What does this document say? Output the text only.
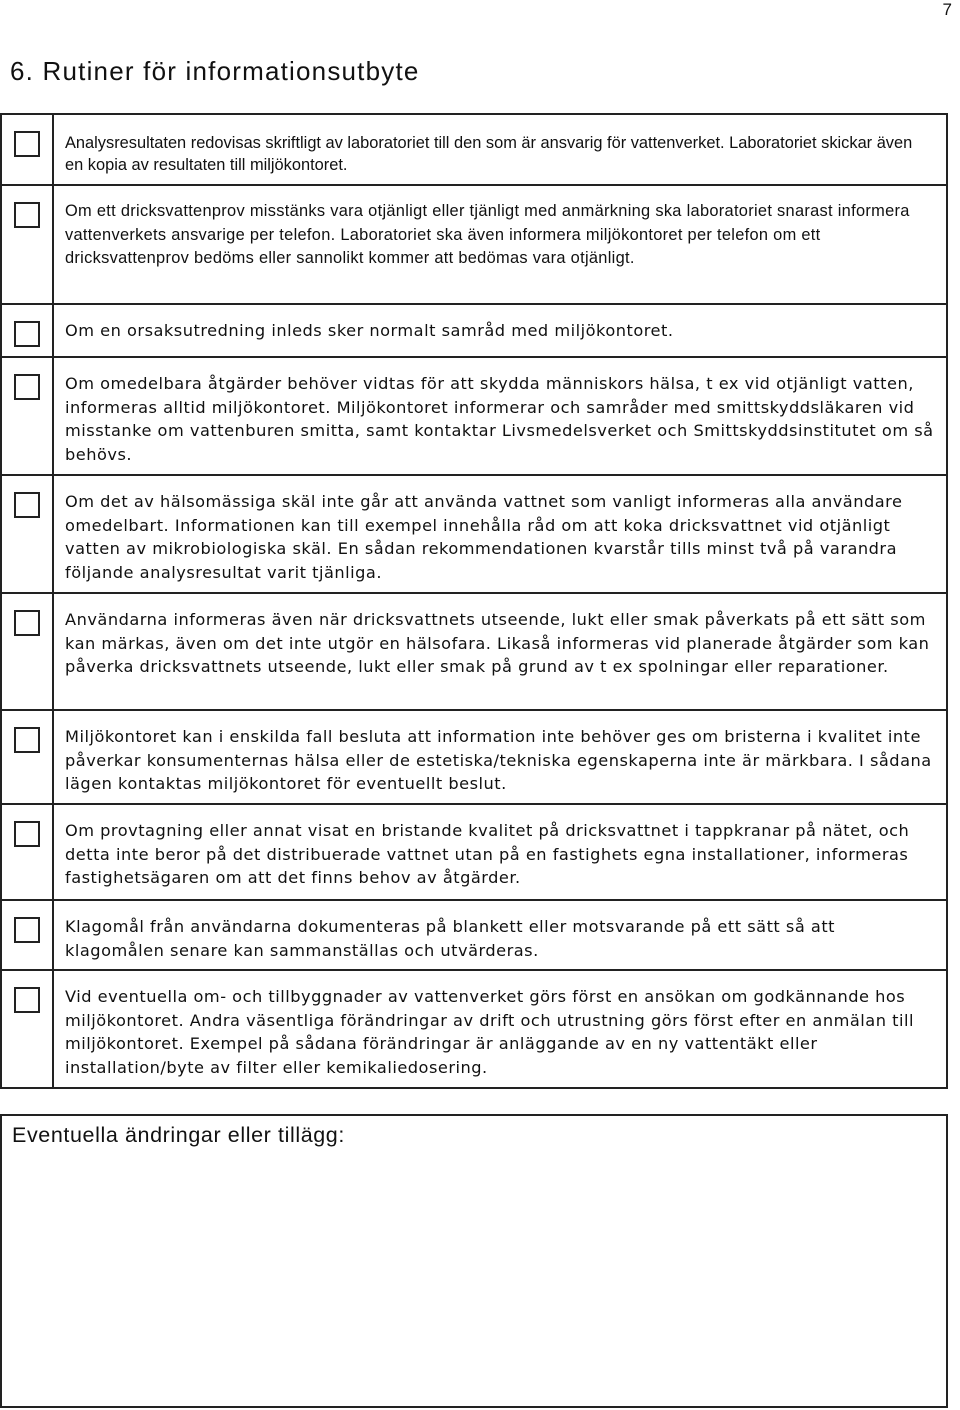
7
6. Rutiner för informationsutbyte

	Analysresultaten redovisas skriftligt av laboratoriet till den som är ansvarig för vattenverket. Laboratoriet skickar även en kopia av resultaten till miljökontoret.

	Om ett dricksvattenprov misstänks vara otjänligt eller tjänligt med anmärkning ska laboratoriet snarast informera vattenverkets ansvarige per telefon. Laboratoriet ska även informera miljökontoret per telefon om ett dricksvattenprov bedöms eller sannolikt kommer att bedömas vara otjänligt.

	Om en orsaksutredning inleds sker normalt samråd med miljökontoret.

	Om omedelbara åtgärder behöver vidtas för att skydda människors hälsa, t ex vid otjänligt vatten, informeras alltid miljökontoret. Miljökontoret informerar och samråder med smittskyddsläkaren vid misstanke om vattenburen smitta, samt kontaktar Livsmedelsverket och Smittskyddsinstitutet om så behövs.

	Om det av hälsomässiga skäl inte går att använda vattnet som vanligt informeras alla användare omedelbart. Informationen kan till exempel innehålla råd om att koka dricksvattnet vid otjänligt vatten av mikrobiologiska skäl. En sådan rekommendationen kvarstår tills minst två på varandra följande analysresultat varit tjänliga.

	Användarna informeras även när dricksvattnets utseende, lukt eller smak påverkats på ett sätt som kan märkas, även om det inte utgör en hälsofara. Likaså informeras vid planerade åtgärder som kan påverka dricksvattnets utseende, lukt eller smak på grund av t ex spolningar eller reparationer.

	Miljökontoret kan i enskilda fall besluta att information inte behöver ges om bristerna i kvalitet inte påverkar konsumenternas hälsa eller de estetiska/tekniska egenskaperna inte är märkbara. I sådana lägen kontaktas miljökontoret för eventuellt beslut.

	Om provtagning eller annat visat en bristande kvalitet på dricksvattnet i tappkranar på nätet, och detta inte beror på det distribuerade vattnet utan på en fastighets egna installationer, informeras fastighetsägaren om att det finns behov av åtgärder.

	Klagomål från användarna dokumenteras på blankett eller motsvarande på ett sätt så att klagomålen senare kan sammanställas och utvärderas.

	Vid eventuella om- och tillbyggnader av vattenverket görs först en ansökan om godkännande hos miljökontoret. Andra väsentliga förändringar av drift och utrustning görs först efter en anmälan till miljökontoret. Exempel på sådana förändringar är anläggande av en ny vattentäkt eller installation/byte av filter eller kemikaliedosering.

Eventuella ändringar eller tillägg:
